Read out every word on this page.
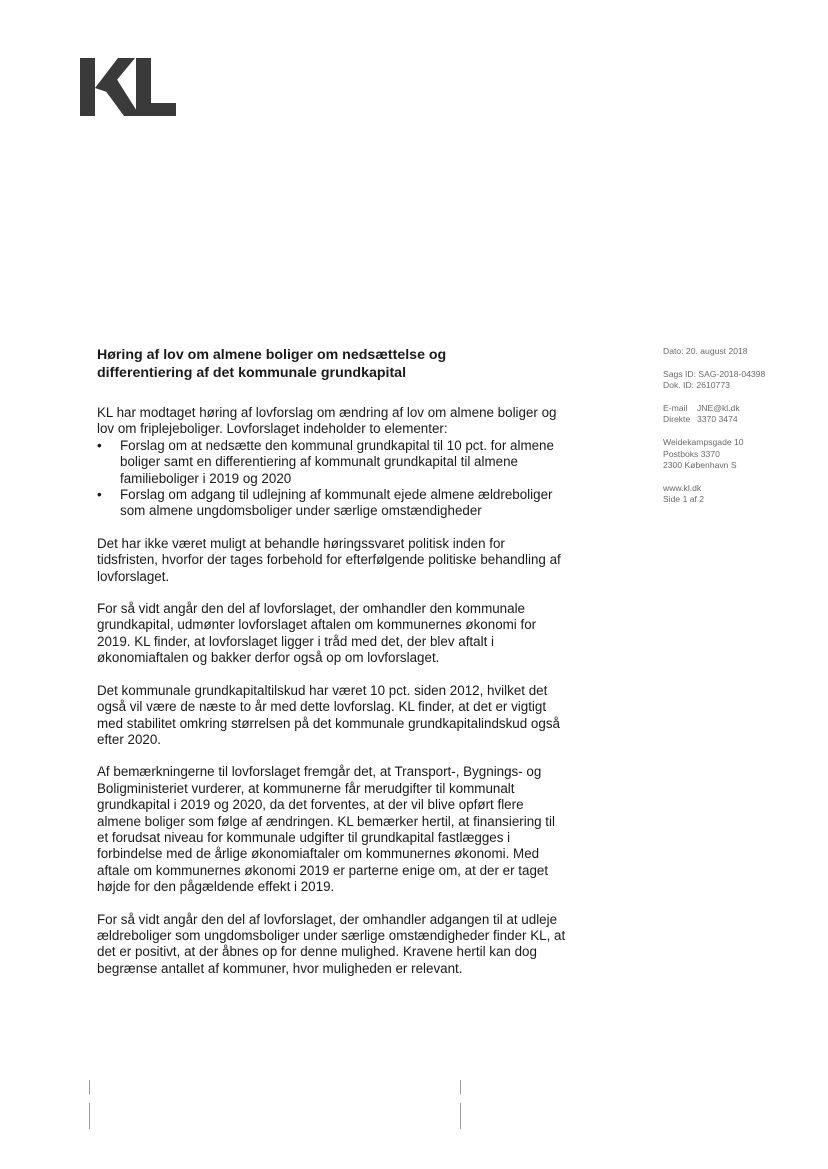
Høring af lov om almene boliger om nedsættelse og
differentiering af det kommunale grundkapital

KL har modtaget høring af lovforslag om ændring af lov om almene boliger og lov om friplejeboliger. Lovforslaget indeholder to elementer:

• Forslag om at nedsætte den kommunal grundkapital til 10 pct. for almene boliger samt en differentiering af kommunalt grundkapital til almene familieboliger i 2019 og 2020
• Forslag om adgang til udlejning af kommunalt ejede almene ældreboliger som almene ungdomsboliger under særlige omstændigheder

Det har ikke været muligt at behandle høringssvaret politisk inden for tidsfristen, hvorfor der tages forbehold for efterfølgende politiske behandling af lovforslaget.

For så vidt angår den del af lovforslaget, der omhandler den kommunale grundkapital, udmønter lovforslaget aftalen om kommunernes økonomi for 2019. KL finder, at lovforslaget ligger i tråd med det, der blev aftalt i økonomiaftalen og bakker derfor også op om lovforslaget.

Det kommunale grundkapitaltilskud har været 10 pct. siden 2012, hvilket det også vil være de næste to år med dette lovforslag. KL finder, at det er vigtigt med stabilitet omkring størrelsen på det kommunale grundkapitalindskud også efter 2020.

Af bemærkningerne til lovforslaget fremgår det, at Transport-, Bygnings- og Boligministeriet vurderer, at kommunerne får merudgifter til kommunalt grundkapital i 2019 og 2020, da det forventes, at der vil blive opført flere almene boliger som følge af ændringen. KL bemærker hertil, at finansiering til et forudsat niveau for kommunale udgifter til grundkapital fastlægges i forbindelse med de årlige økonomiaftaler om kommunernes økonomi. Med aftale om kommunernes økonomi 2019 er parterne enige om, at der er taget højde for den pågældende effekt i 2019.

For så vidt angår den del af lovforslaget, der omhandler adgangen til at udleje ældreboliger som ungdomsboliger under særlige omstændigheder finder KL, at det er positivt, at der åbnes op for denne mulighed. Kravene hertil kan dog begrænse antallet af kommuner, hvor muligheden er relevant.

Dato: 20. august 2018
Sags ID: SAG-2018-04398
Dok. ID: 2610773
E-mail JNE@kl.dk
Direkte 3370 3474
Weidekampsgade 10
Postboks 3370
2300 København S
www.kl.dk
Side 1 af 2
